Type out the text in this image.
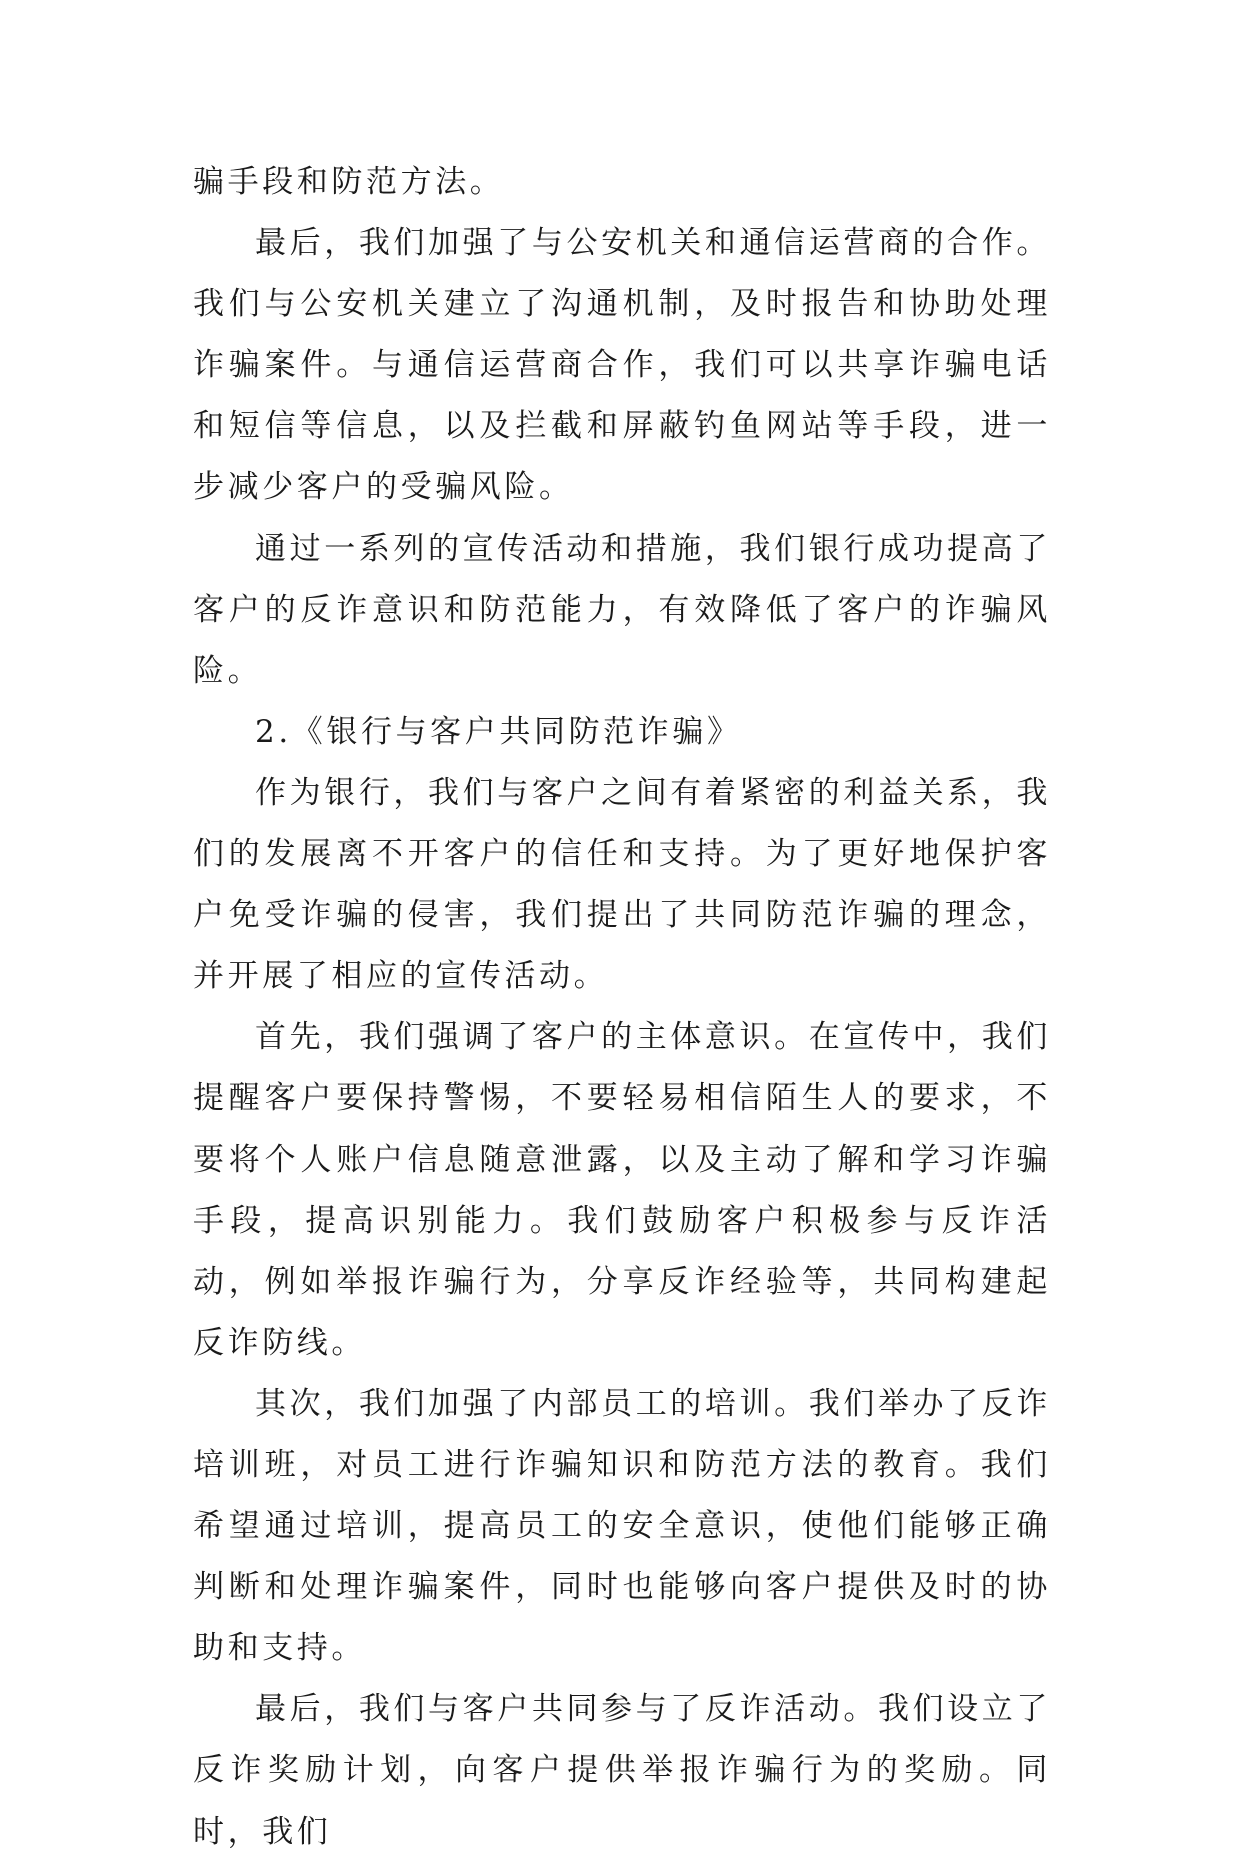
骗手段和防范方法。

最后，我们加强了与公安机关和通信运营商的合作。我们与公安机关建立了沟通机制，及时报告和协助处理诈骗案件。与通信运营商合作，我们可以共享诈骗电话和短信等信息，以及拦截和屏蔽钓鱼网站等手段，进一步减少客户的受骗风险。

通过一系列的宣传活动和措施，我们银行成功提高了客户的反诈意识和防范能力，有效降低了客户的诈骗风险。

2.《银行与客户共同防范诈骗》

作为银行，我们与客户之间有着紧密的利益关系，我们的发展离不开客户的信任和支持。为了更好地保护客户免受诈骗的侵害，我们提出了共同防范诈骗的理念，并开展了相应的宣传活动。

首先，我们强调了客户的主体意识。在宣传中，我们提醒客户要保持警惕，不要轻易相信陌生人的要求，不要将个人账户信息随意泄露，以及主动了解和学习诈骗手段，提高识别能力。我们鼓励客户积极参与反诈活动，例如举报诈骗行为，分享反诈经验等，共同构建起反诈防线。

其次，我们加强了内部员工的培训。我们举办了反诈培训班，对员工进行诈骗知识和防范方法的教育。我们希望通过培训，提高员工的安全意识，使他们能够正确判断和处理诈骗案件，同时也能够向客户提供及时的协助和支持。

最后，我们与客户共同参与了反诈活动。我们设立了反诈奖励计划，向客户提供举报诈骗行为的奖励。同时，我们
